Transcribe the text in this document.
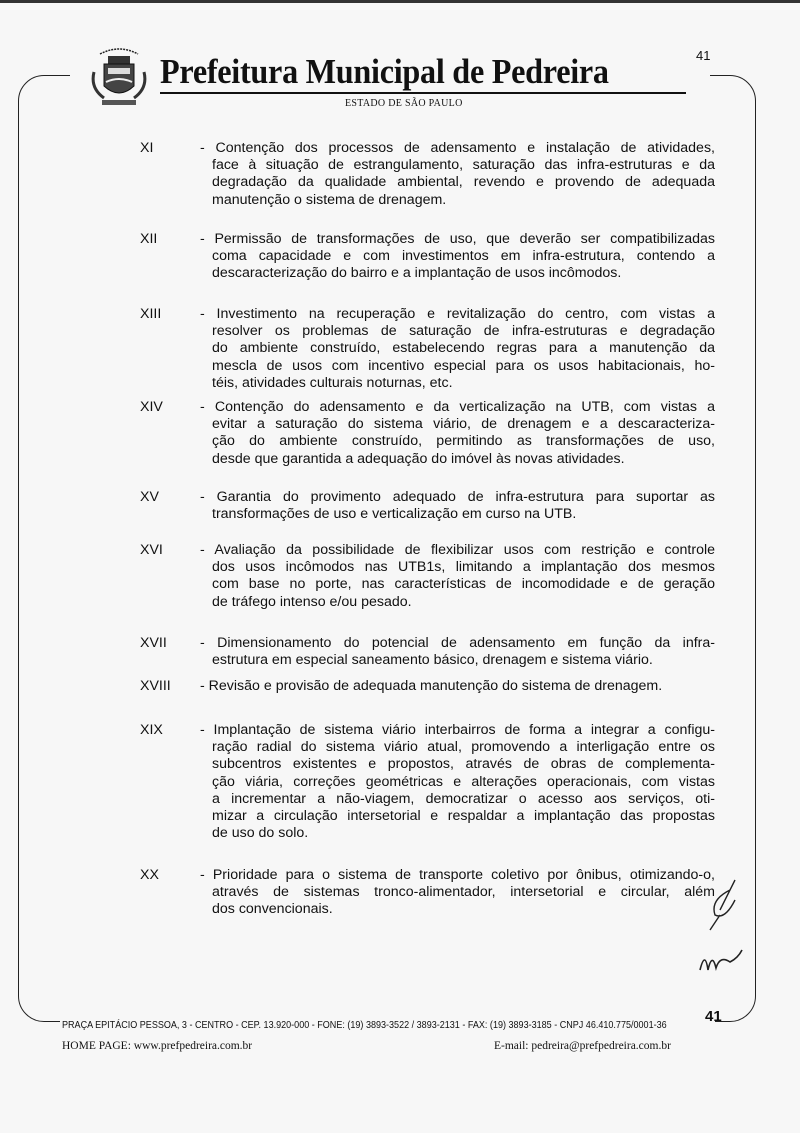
Prefeitura Municipal de Pedreira	41
ESTADO DE SÃO PAULO
XI	- Contenção dos processos de adensamento e instalação de atividades,
face à situação de estrangulamento, saturação das infra-estruturas e da
degradação da qualidade ambiental, revendo e provendo de adequada
manutenção o sistema de drenagem.
XII	- Permissão de transformações de uso, que deverão ser compatibilizadas
coma capacidade e com investimentos em infra-estrutura, contendo a
descaracterização do bairro e a implantação de usos incômodos.
XIII	- Investimento na recuperação e revitalização do centro, com vistas a
resolver os problemas de saturação de infra-estruturas e degradação
do ambiente construído, estabelecendo regras para a manutenção da
mescla de usos com incentivo especial para os usos habitacionais, ho-
téis, atividades culturais noturnas, etc.
XIV	- Contenção do adensamento e da verticalização na UTB, com vistas a
evitar a saturação do sistema viário, de drenagem e a descaracteriza-
ção do ambiente construído, permitindo as transformações de uso,
desde que garantida a adequação do imóvel às novas atividades.
XV	- Garantia do provimento adequado de infra-estrutura para suportar as
transformações de uso e verticalização em curso na UTB.
XVI	- Avaliação da possibilidade de flexibilizar usos com restrição e controle
dos usos incômodos nas UTB1s, limitando a implantação dos mesmos
com base no porte, nas características de incomodidade e de geração
de tráfego intenso e/ou pesado.
XVII - Dimensionamento do potencial de adensamento em função da infra-
estrutura em especial saneamento básico, drenagem e sistema viário.
XVIII - Revisão e provisão de adequada manutenção do sistema de drenagem.
XIX	- Implantação de sistema viário interbairros de forma a integrar a configu-
ração radial do sistema viário atual, promovendo a interligação entre os
subcentros existentes e propostos, através de obras de complementa-
ção viária, correções geométricas e alterações operacionais, com vistas
a incrementar a não-viagem, democratizar o acesso aos serviços, oti-
mizar a circulação intersetorial e respaldar a implantação das propostas
de uso do solo.
XX	- Prioridade para o sistema de transporte coletivo por ônibus, otimizando-o,
através de sistemas tronco-alimentador, intersetorial e circular, além
dos convencionais.
PRAÇA EPITÁCIO PESSOA, 3 - CENTRO - CEP. 13.920-000 - FONE: (19) 3893-3522 / 3893-2131 - FAX: (19) 3893-3185 - CNPJ 46.410.775/0001-36	41
HOME PAGE: www.prefpedreira.com.br	E-mail: pedreira@prefpedreira.com.br
